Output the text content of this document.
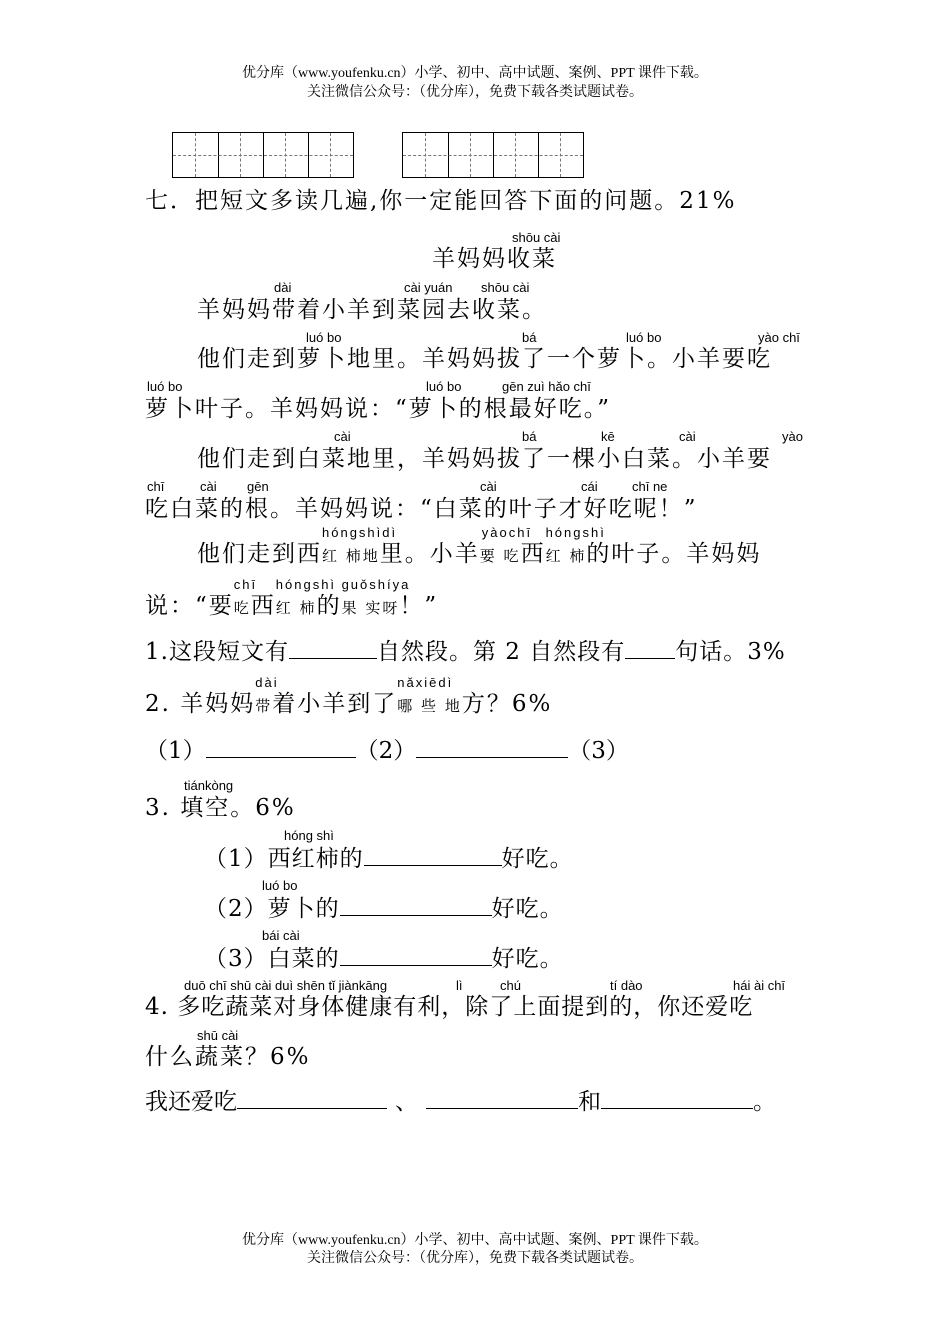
优分库（www.youfenku.cn）小学、初中、高中试题、案例、PPT 课件下载。
关注微信公众号：（优分库），免费下载各类试题试卷。
七．把短文多读几遍,你一定能回答下面的问题。21%
shōu cài
羊妈妈收菜
dài	cài yuán shōu cài
羊妈妈带着小羊到菜园去收菜。
luó bo	bá	luó bo	yào chī
他们走到萝卜地里。羊妈妈拔了一个萝卜。小羊要吃
luó bo	luó bo	gēn zuì hǎo chī
萝卜叶子。羊妈妈说：“萝卜的根最好吃。”
cài	bá	kē	cài	yào
他们走到白菜地里，羊妈妈拔了一棵小白菜。小羊要
chī	cài gēn	cài	cái	chī ne
吃白菜的根。羊妈妈说：“白菜的叶子才好吃呢！”
他们走到西
hóngshìdì
红 柿地里。小羊
yàochī
要 吃西
hóngshì
红 柿的叶子。羊妈妈
说：“要
chī
吃西
hóngshì
红 柿的
guǒshíya
果 实呀！”
1.这段短文有	自然段。第 2 自然段有 句话。3%
2. 羊妈妈
dài
带着小羊到了
nǎxiēdì
哪 些 地方？6%
（1）	（2）	（3）
tiánkòng
3. 填空。6%
hóng shì
（1）西红柿的	好吃。
luó bo
（2）萝卜的	好吃。
bái cài
（3）白菜的	好吃。
duō chī shū cài duì shēn tǐ jiànkāng	lì	chú	tí dào	hái ài chī
4. 多吃蔬菜对身体健康有利，除了上面提到的，你还爱吃
shū cài
什么蔬菜？6%
我还爱吃	、	和	。
优分库（www.youfenku.cn）小学、初中、高中试题、案例、PPT 课件下载。
关注微信公众号：（优分库），免费下载各类试题试卷。
